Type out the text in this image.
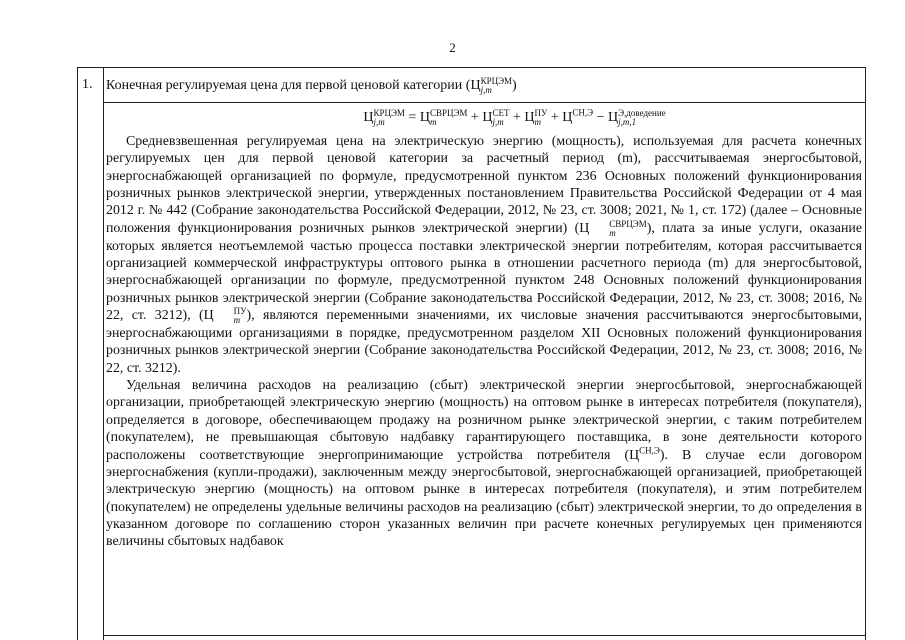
2
1. Конечная регулируемая цена для первой ценовой категории (Ц КРЦЭМ
j,m	)
Ц КРЦЭМ
j,m	= Ц СВРЦЭМ
m	+ Ц СЕТ
j,m + Ц ПУ
$m + Ц^{СН,Э} - Ц$ Э,доведение
j,m,1

Средневзвешенная регулируемая цена на электрическую энергию (мощность), используемая для расчета конечных регулируемых цен для первой ценовой категории за расчетный период (m), рассчитываемая энергосбытовой, энергоснабжающей организацией по формуле, предусмотренной пунктом 236 Основных положений функционирования розничных рынков электрической энергии, утвержденных постановлением Правительства Российской Федерации от 4 мая 2012 г. № 442 (Собрание законодательства Российской Федерации, 2012, № 23, ст. 3008; 2021, № 1, ст. 172) (далее – Основные положения функционирования розничных рынков электрической энергии) (Ц	СВРЦЭМ
m	), плата за иные услуги, оказание которых является неотъемлемой частью процесса поставки электрической энергии потребителям, которая рассчитывается организацией коммерческой инфраструктуры оптового рынка в отношении расчетного периода (m) для энергосбытовой, энергоснабжающей организации по формуле, предусмотренной пунктом 248 Основных положений функционирования розничных рынков электрической энергии (Собрание законодательства Российской Федерации, 2012, № 23, ст. 3008; 2016, № 22, ст. 3212), (Ц	ПУ
m ), являются переменными значениями, их числовые значения рассчитываются энергосбытовыми, энергоснабжающими организациями в порядке, предусмотренном разделом XII Основных положений функционирования розничных рынков электрической энергии (Собрание законодательства Российской Федерации, 2012, № 23, ст. 3008; 2016, № 22, ст. 3212).

Удельная величина расходов на реализацию (сбыт) электрической энергии энергосбытовой, энергоснабжающей организации, приобретающей электрическую энергию (мощность) на оптовом рынке в интересах потребителя (покупателя), определяется в договоре, обеспечивающем продажу на розничном рынке электрической энергии, с таким потребителем (покупателем), не превышающая сбытовую надбавку гарантирующего поставщика, в зоне деятельности которого расположены соответствующие энергопринимающие устройства потребителя $(Ц^{СН,Э})$. В случае если договором энергоснабжения (купли-продажи), заключенным между энергосбытовой, энергоснабжающей организацией, приобретающей электрическую энергию (мощность) на оптовом рынке в интересах потребителя (покупателя), и этим потребителем (покупателем) не определены удельные величины расходов на реализацию (сбыт) электрической энергии, то до определения в указанном договоре по соглашению сторон указанных величин при расчете конечных регулируемых цен применяются величины сбытовых надбавок
